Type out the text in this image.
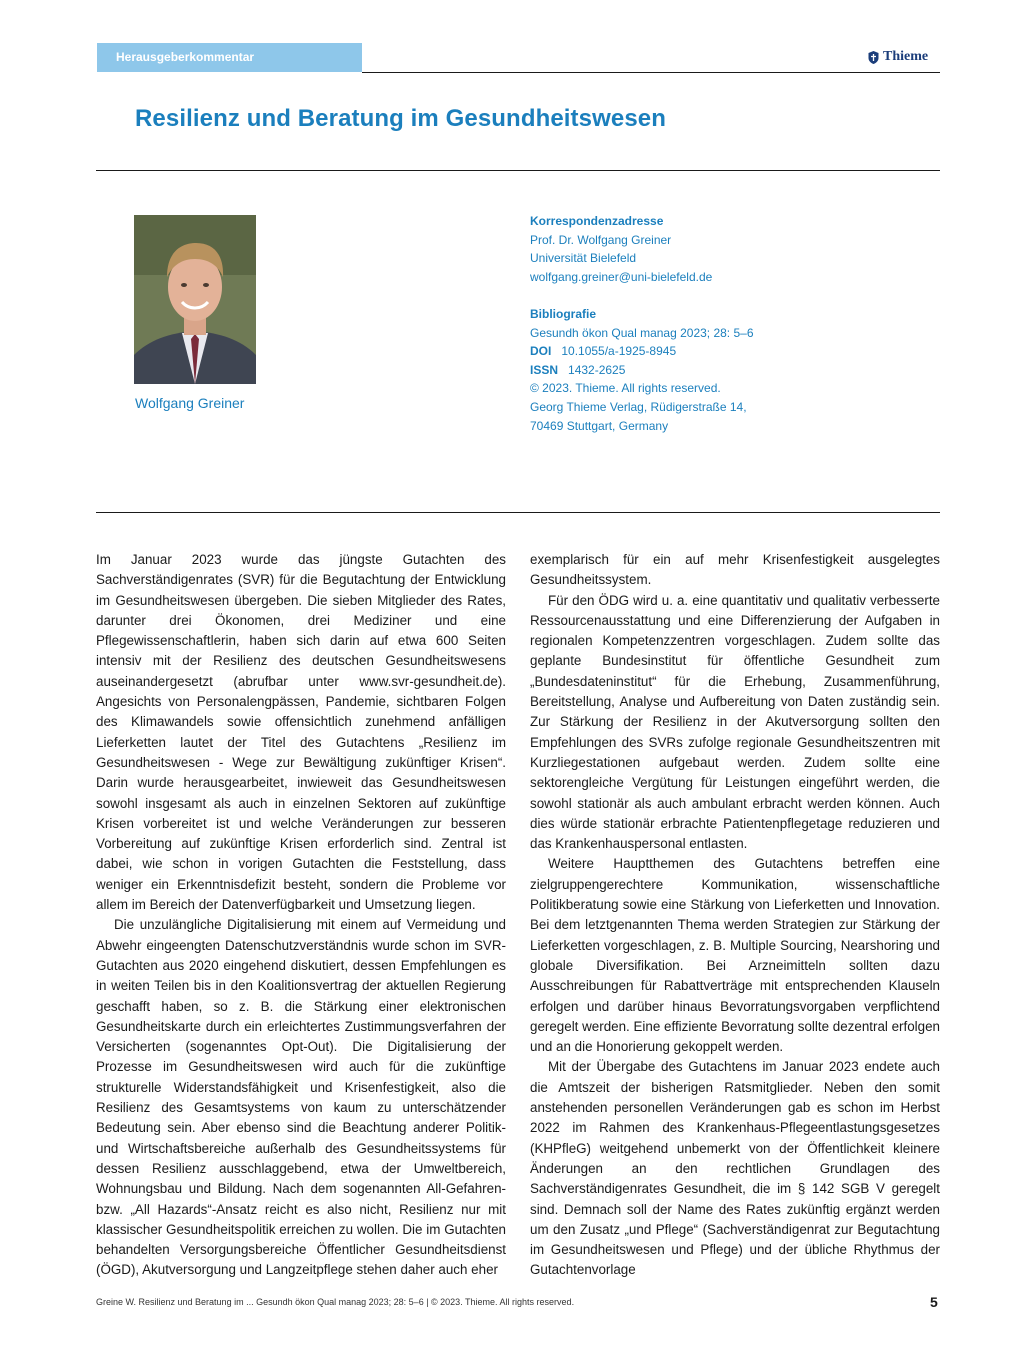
Herausgeberkommentar	Thieme
Resilienz und Beratung im Gesundheitswesen
Wolfgang Greiner
Korrespondenzadresse
Prof. Dr. Wolfgang Greiner
Universität Bielefeld
wolfgang.greiner@uni-bielefeld.de
Bibliografie
Gesundh ökon Qual manag 2023; 28: 5–6
DOI 10.1055/a-1925-8945
ISSN 1432-2625
© 2023. Thieme. All rights reserved.
Georg Thieme Verlag, Rüdigerstraße 14,
70469 Stuttgart, Germany

Im Januar 2023 wurde das jüngste Gutachten des Sachverständigenrates (SVR) für die Begutachtung der Entwicklung im Gesundheitswesen übergeben. Die sieben Mitglieder des Rates, darunter drei Ökonomen, drei Mediziner und eine Pflegewissenschaftlerin, haben sich darin auf etwa 600 Seiten intensiv mit der Resilienz des deutschen Gesundheitswesens auseinandergesetzt (abrufbar unter www.svr-gesundheit.de). Angesichts von Personalengpässen, Pandemie, sichtbaren Folgen des Klimawandels sowie offensichtlich zunehmend anfälligen Lieferketten lautet der Titel des Gutachtens „Resilienz im Gesundheitswesen - Wege zur Bewältigung zukünftiger Krisen“. Darin wurde herausgearbeitet, inwieweit das Gesundheitswesen sowohl insgesamt als auch in einzelnen Sektoren auf zukünftige Krisen vorbereitet ist und welche Veränderungen zur besseren Vorbereitung auf zukünftige Krisen erforderlich sind. Zentral ist dabei, wie schon in vorigen Gutachten die Feststellung, dass weniger ein Erkenntnisdefizit besteht, sondern die Probleme vor allem im Bereich der Datenverfügbarkeit und Umsetzung liegen.

Die unzulängliche Digitalisierung mit einem auf Vermeidung und Abwehr eingeengten Datenschutzverständnis wurde schon im SVR-Gutachten aus 2020 eingehend diskutiert, dessen Empfehlungen es in weiten Teilen bis in den Koalitionsvertrag der aktuellen Regierung geschafft haben, so z. B. die Stärkung einer elektronischen Gesundheitskarte durch ein erleichtertes Zustimmungsverfahren der Versicherten (sogenanntes Opt-Out). Die Digitalisierung der Prozesse im Gesundheitswesen wird auch für die zukünftige strukturelle Widerstandsfähigkeit und Krisenfestigkeit, also die Resilienz des Gesamtsystems von kaum zu unterschätzender Bedeutung sein. Aber ebenso sind die Beachtung anderer Politik- und Wirtschaftsbereiche außerhalb des Gesundheitssystems für dessen Resilienz ausschlaggebend, etwa der Umweltbereich, Wohnungsbau und Bildung. Nach dem sogenannten All-Gefahren- bzw. „All Hazards“-Ansatz reicht es also nicht, Resilienz nur mit klassischer Gesundheitspolitik erreichen zu wollen. Die im Gutachten behandelten Versorgungsbereiche Öffentlicher Gesundheitsdienst (ÖGD), Akutversorgung und Langzeitpflege stehen daher auch eher

exemplarisch für ein auf mehr Krisenfestigkeit ausgelegtes Gesundheitssystem.

Für den ÖDG wird u. a. eine quantitativ und qualitativ verbesserte Ressourcenausstattung und eine Differenzierung der Aufgaben in regionalen Kompetenzzentren vorgeschlagen. Zudem sollte das geplante Bundesinstitut für öffentliche Gesundheit zum „Bundesdateninstitut“ für die Erhebung, Zusammenführung, Bereitstellung, Analyse und Aufbereitung von Daten zuständig sein. Zur Stärkung der Resilienz in der Akutversorgung sollten den Empfehlungen des SVRs zufolge regionale Gesundheitszentren mit Kurzliegestationen aufgebaut werden. Zudem sollte eine sektorengleiche Vergütung für Leistungen eingeführt werden, die sowohl stationär als auch ambulant erbracht werden können. Auch dies würde stationär erbrachte Patientenpflegetage reduzieren und das Krankenhauspersonal entlasten.

Weitere Hauptthemen des Gutachtens betreffen eine zielgruppengerechtere Kommunikation, wissenschaftliche Politikberatung sowie eine Stärkung von Lieferketten und Innovation. Bei dem letztgenannten Thema werden Strategien zur Stärkung der Lieferketten vorgeschlagen, z. B. Multiple Sourcing, Nearshoring und globale Diversifikation. Bei Arzneimitteln sollten dazu Ausschreibungen für Rabattverträge mit entsprechenden Klauseln erfolgen und darüber hinaus Bevorratungsvorgaben verpflichtend geregelt werden. Eine effiziente Bevorratung sollte dezentral erfolgen und an die Honorierung gekoppelt werden.

Mit der Übergabe des Gutachtens im Januar 2023 endete auch die Amtszeit der bisherigen Ratsmitglieder. Neben den somit anstehenden personellen Veränderungen gab es schon im Herbst 2022 im Rahmen des Krankenhaus-Pflegeentlastungsgesetzes (KHPflеG) weitgehend unbemerkt von der Öffentlichkeit kleinere Änderungen an den rechtlichen Grundlagen des Sachverständigenrates Gesundheit, die im § 142 SGB V geregelt sind. Demnach soll der Name des Rates zukünftig ergänzt werden um den Zusatz „und Pflege“ (Sachverständigenrat zur Begutachtung im Gesundheitswesen und Pflege) und der übliche Rhythmus der Gutachtenvorlage

Greine W. Resilienz und Beratung im ... Gesundh ökon Qual manag 2023; 28: 5–6 | © 2023. Thieme. All rights reserved.	5
